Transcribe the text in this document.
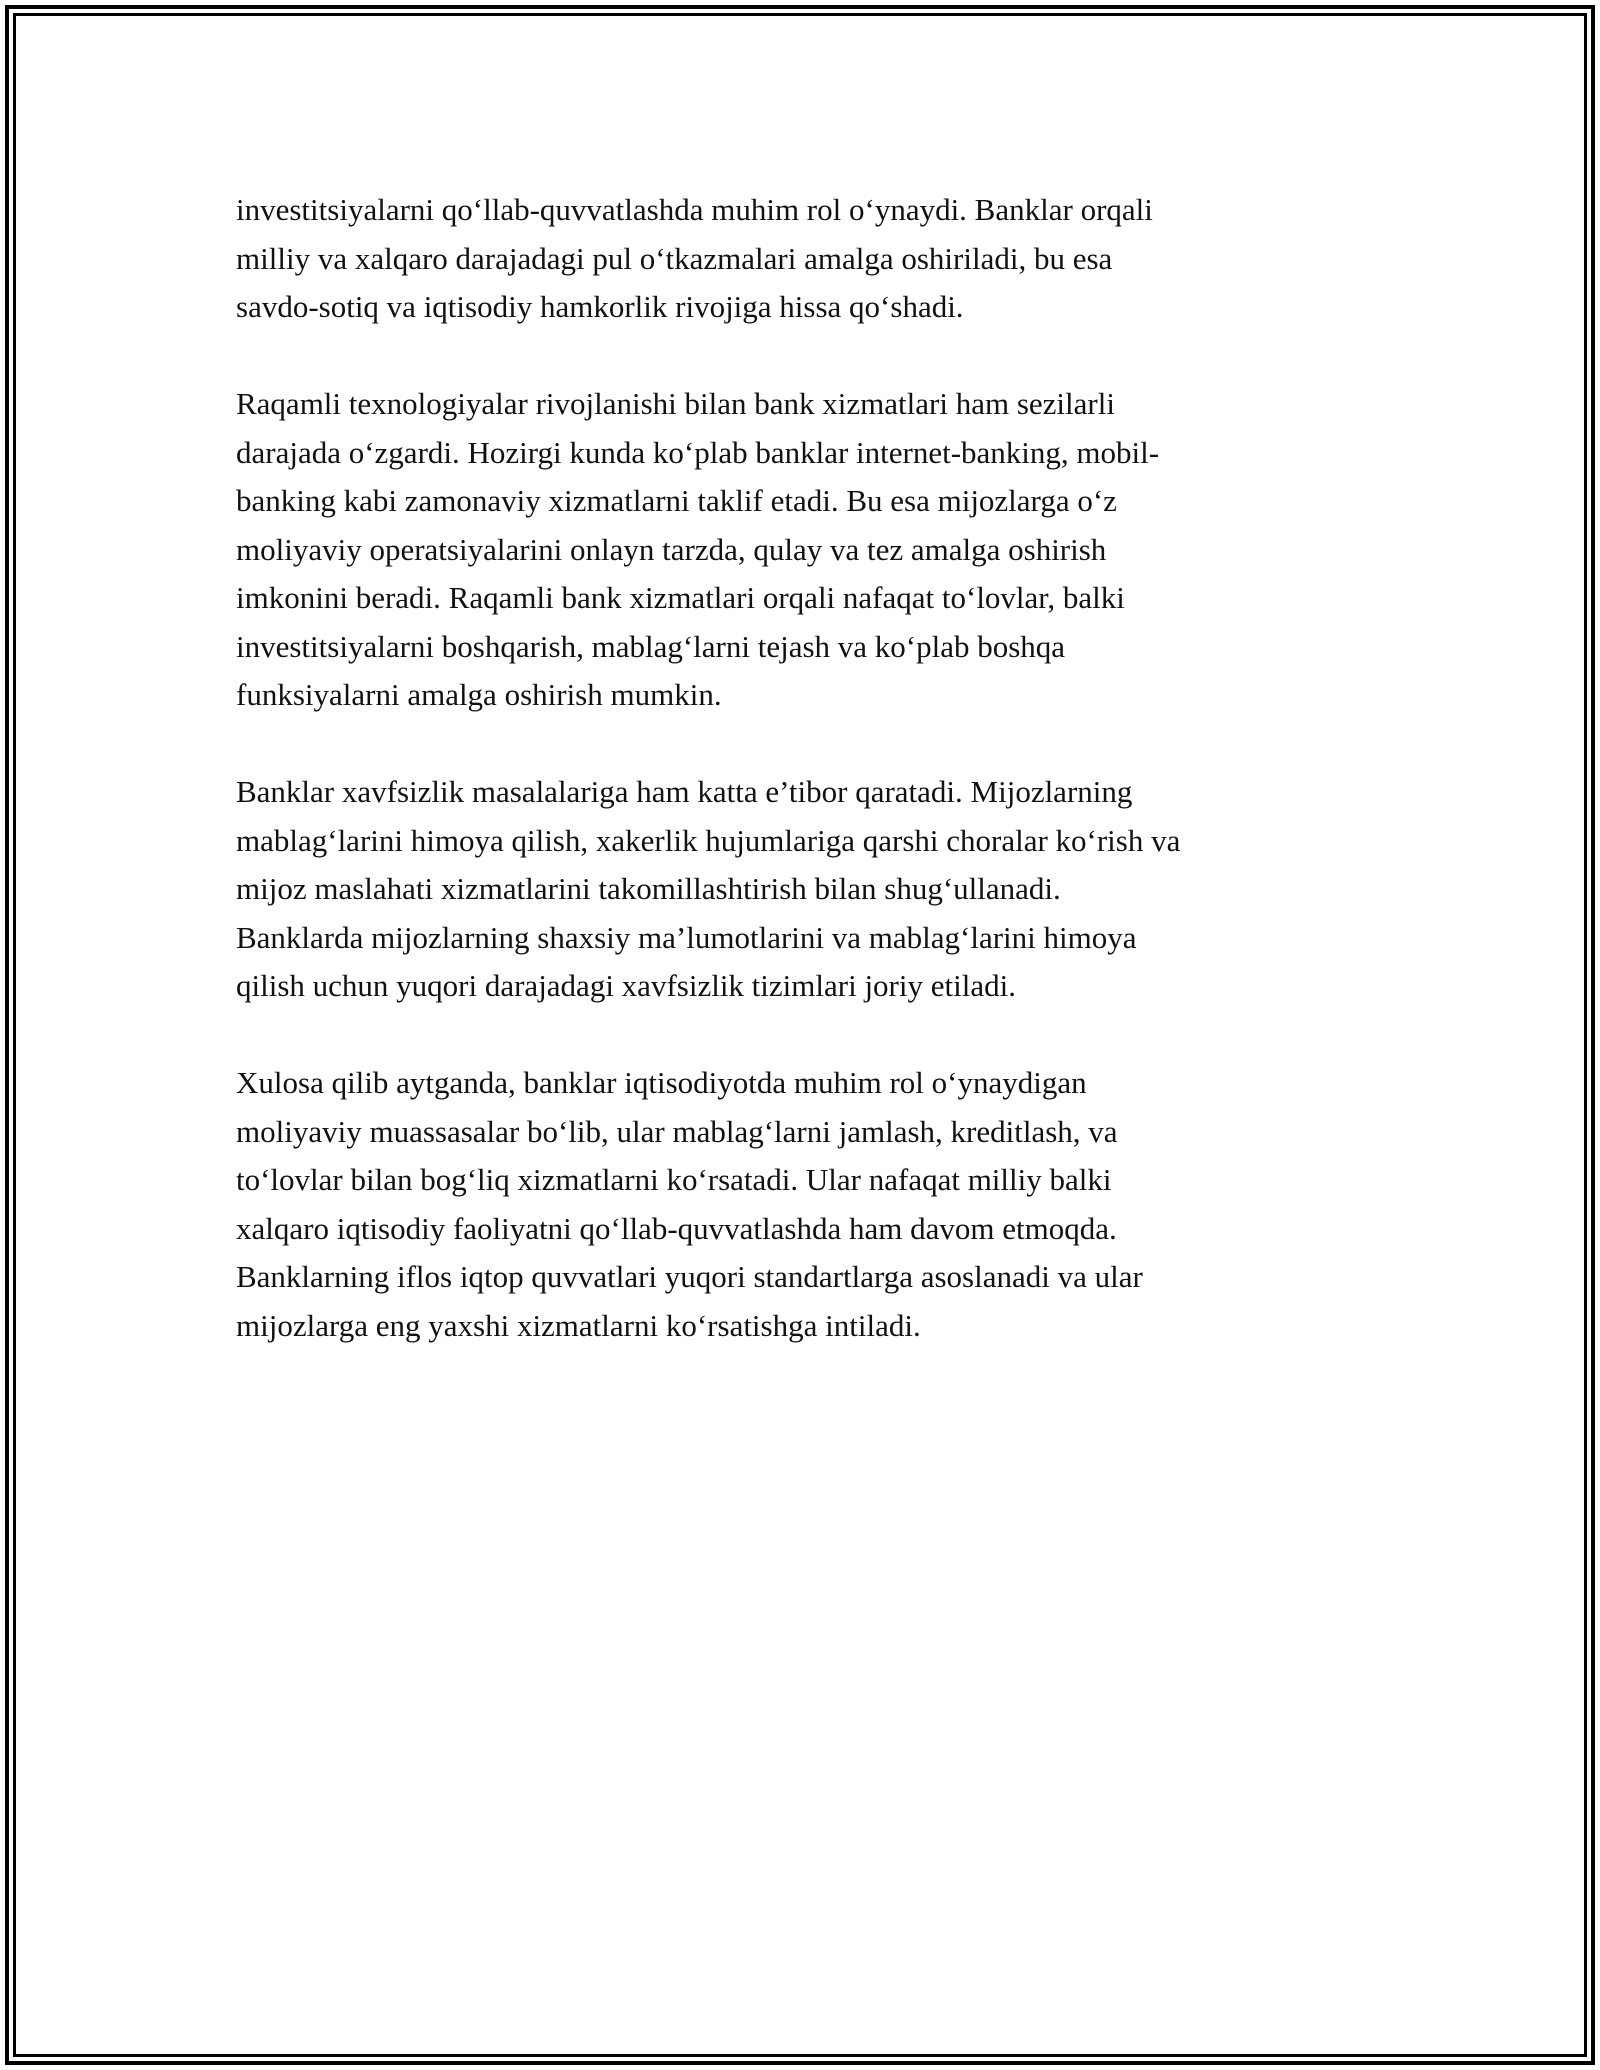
investitsiyalarni qo‘llab-quvvatlashda muhim rol o‘ynaydi. Banklar orqali
milliy va xalqaro darajadagi pul o‘tkazmalari amalga oshiriladi, bu esa
savdo-sotiq va iqtisodiy hamkorlik rivojiga hissa qo‘shadi.

Raqamli texnologiyalar rivojlanishi bilan bank xizmatlari ham sezilarli
darajada o‘zgardi. Hozirgi kunda ko‘plab banklar internet-banking, mobil-
banking kabi zamonaviy xizmatlarni taklif etadi. Bu esa mijozlarga o‘z
moliyaviy operatsiyalarini onlayn tarzda, qulay va tez amalga oshirish
imkonini beradi. Raqamli bank xizmatlari orqali nafaqat to‘lovlar, balki
investitsiyalarni boshqarish, mablag‘larni tejash va ko‘plab boshqa
funksiyalarni amalga oshirish mumkin.

Banklar xavfsizlik masalalariga ham katta e’tibor qaratadi. Mijozlarning
mablag‘larini himoya qilish, xakerlik hujumlariga qarshi choralar ko‘rish va
mijoz maslahati xizmatlarini takomillashtirish bilan shug‘ullanadi.
Banklarda mijozlarning shaxsiy ma’lumotlarini va mablag‘larini himoya
qilish uchun yuqori darajadagi xavfsizlik tizimlari joriy etiladi.

Xulosa qilib aytganda, banklar iqtisodiyotda muhim rol o‘ynaydigan
moliyaviy muassasalar bo‘lib, ular mablag‘larni jamlash, kreditlash, va
to‘lovlar bilan bog‘liq xizmatlarni ko‘rsatadi. Ular nafaqat milliy balki
xalqaro iqtisodiy faoliyatni qo‘llab-quvvatlashda ham davom etmoqda.
Banklarning iflos iqtop quvvatlari yuqori standartlarga asoslanadi va ular
mijozlarga eng yaxshi xizmatlarni ko‘rsatishga intiladi.
